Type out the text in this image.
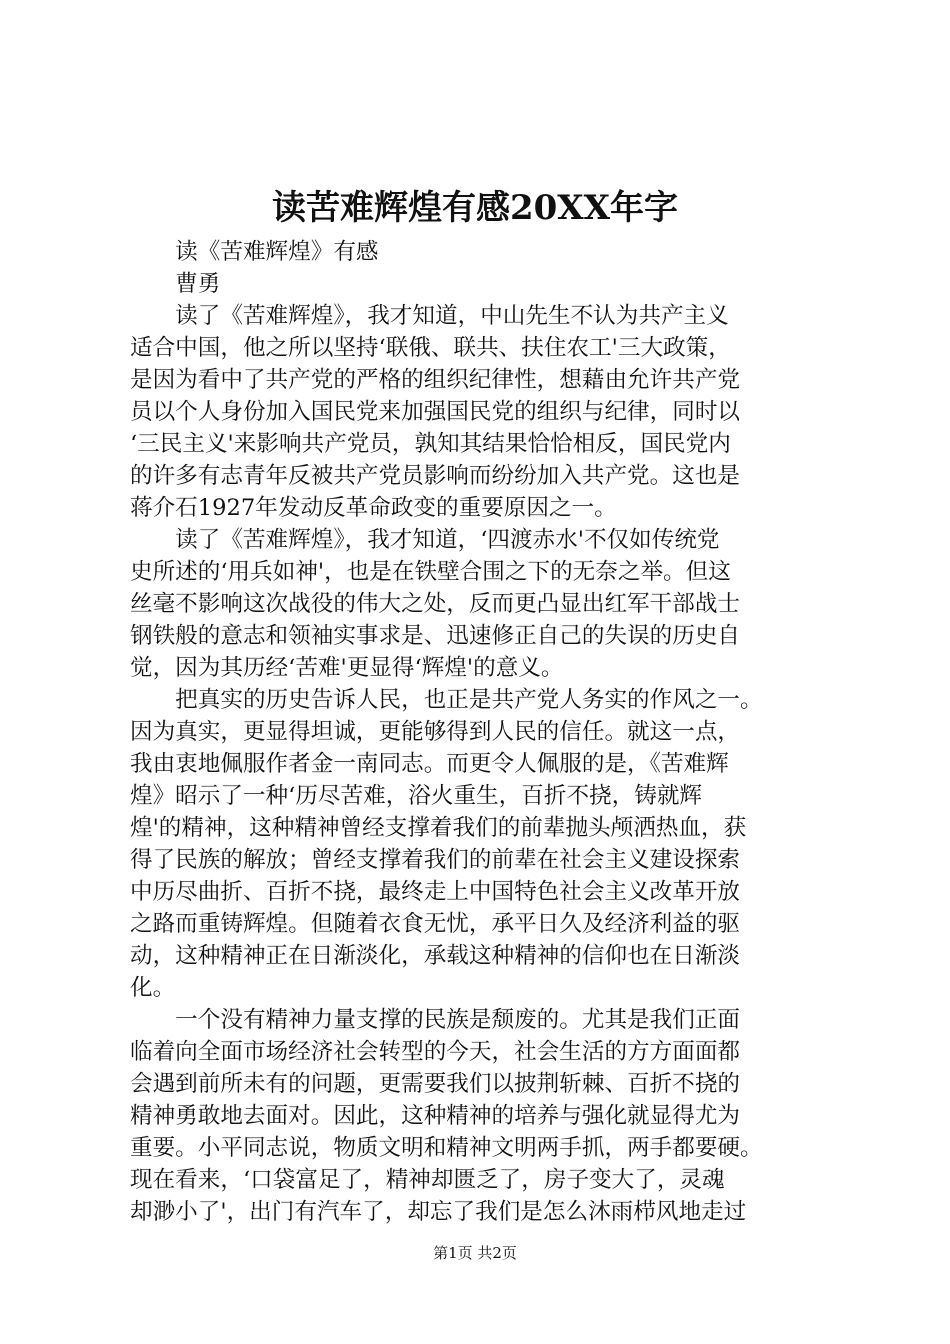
读苦难辉煌有感20XX年字
　　读《苦难辉煌》有感
　　曹勇
　　读了《苦难辉煌》，我才知道，中山先生不认为共产主义
适合中国，他之所以坚持‘联俄、联共、扶住农工'三大政策，
是因为看中了共产党的严格的组织纪律性，想藉由允许共产党
员以个人身份加入国民党来加强国民党的组织与纪律，同时以
‘三民主义'来影响共产党员，孰知其结果恰恰相反，国民党内
的许多有志青年反被共产党员影响而纷纷加入共产党。这也是
蒋介石1927年发动反革命政变的重要原因之一。
　　读了《苦难辉煌》，我才知道，‘四渡赤水'不仅如传统党
史所述的‘用兵如神'，也是在铁壁合围之下的无奈之举。但这
丝毫不影响这次战役的伟大之处，反而更凸显出红军干部战士
钢铁般的意志和领袖实事求是、迅速修正自己的失误的历史自
觉，因为其历经‘苦难'更显得‘辉煌'的意义。
　　把真实的历史告诉人民，也正是共产党人务实的作风之一。
因为真实，更显得坦诚，更能够得到人民的信任。就这一点，
我由衷地佩服作者金一南同志。而更令人佩服的是，《苦难辉
煌》昭示了一种‘历尽苦难，浴火重生，百折不挠，铸就辉
煌'的精神，这种精神曾经支撑着我们的前辈抛头颅洒热血，获
得了民族的解放；曾经支撑着我们的前辈在社会主义建设探索
中历尽曲折、百折不挠，最终走上中国特色社会主义改革开放
之路而重铸辉煌。但随着衣食无忧，承平日久及经济利益的驱
动，这种精神正在日渐淡化，承载这种精神的信仰也在日渐淡
化。
　　一个没有精神力量支撑的民族是颓废的。尤其是我们正面
临着向全面市场经济社会转型的今天，社会生活的方方面面都
会遇到前所未有的问题，更需要我们以披荆斩棘、百折不挠的
精神勇敢地去面对。因此，这种精神的培养与强化就显得尤为
重要。小平同志说，物质文明和精神文明两手抓，两手都要硬。
现在看来，‘口袋富足了，精神却匮乏了，房子变大了，灵魂
却渺小了'，出门有汽车了，却忘了我们是怎么沐雨栉风地走过
第1页 共2页
